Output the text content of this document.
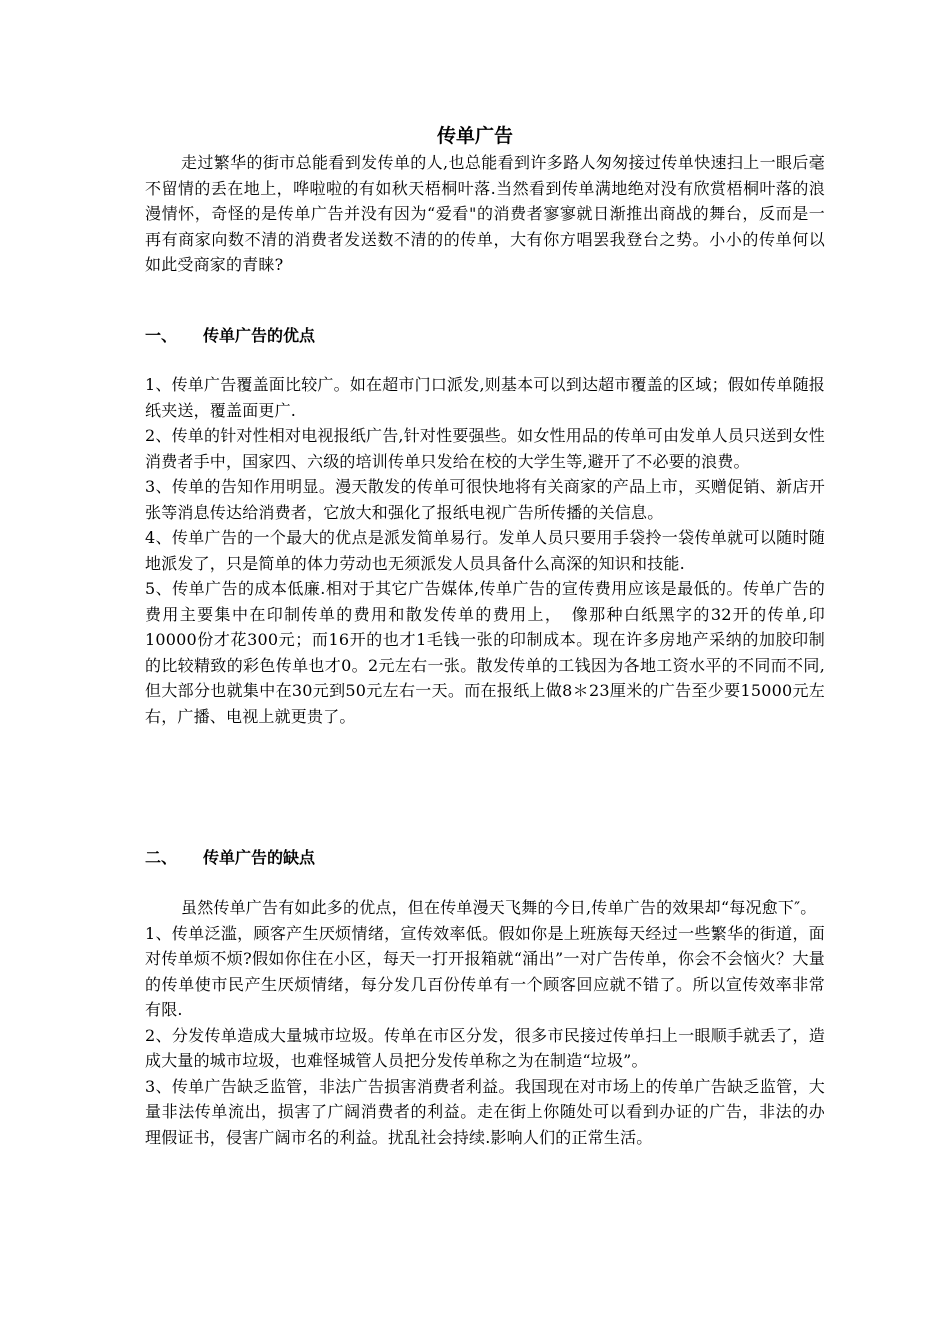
传单广告

走过繁华的街市总能看到发传单的人,也总能看到许多路人匆匆接过传单快速扫上一眼后毫不留情的丢在地上，哗啦啦的有如秋天梧桐叶落.当然看到传单满地绝对没有欣赏梧桐叶落的浪漫情怀，奇怪的是传单广告并没有因为“爱看"的消费者寥寥就日渐推出商战的舞台，反而是一再有商家向数不清的消费者发送数不清的的传单，大有你方唱罢我登台之势。小小的传单何以如此受商家的青睐?

一、 传单广告的优点

1、传单广告覆盖面比较广。如在超市门口派发,则基本可以到达超市覆盖的区域；假如传单随报纸夹送，覆盖面更广.

2、传单的针对性相对电视报纸广告,针对性要强些。如女性用品的传单可由发单人员只送到女性消费者手中，国家四、六级的培训传单只发给在校的大学生等,避开了不必要的浪费。

3、传单的告知作用明显。漫天散发的传单可很快地将有关商家的产品上市，买赠促销、新店开张等消息传达给消费者，它放大和强化了报纸电视广告所传播的关信息。

4、传单广告的一个最大的优点是派发简单易行。发单人员只要用手袋拎一袋传单就可以随时随地派发了，只是简单的体力劳动也无须派发人员具备什么高深的知识和技能.

5、传单广告的成本低廉.相对于其它广告媒体,传单广告的宣传费用应该是最低的。传单广告的费用主要集中在印制传单的费用和散发传单的费用上，　像那种白纸黑字的32开的传单,印10000份才花300元；而16开的也才1毛钱一张的印制成本。现在许多房地产采纳的加胶印制的比较精致的彩色传单也才0。2元左右一张。散发传单的工钱因为各地工资水平的不同而不同,但大部分也就集中在30元到50元左右一天。而在报纸上做8＊23厘米的广告至少要15000元左右，广播、电视上就更贵了。

二、 传单广告的缺点

虽然传单广告有如此多的优点，但在传单漫天飞舞的今日,传单广告的效果却“每况愈下″。

1、传单泛滥，顾客产生厌烦情绪，宣传效率低。假如你是上班族每天经过一些繁华的街道，面对传单烦不烦?假如你住在小区，每天一打开报箱就“涌出”一对广告传单，你会不会恼火？大量的传单使市民产生厌烦情绪，每分发几百份传单有一个顾客回应就不错了。所以宣传效率非常有限.

2、分发传单造成大量城市垃圾。传单在市区分发，很多市民接过传单扫上一眼顺手就丢了，造成大量的城市垃圾，也难怪城管人员把分发传单称之为在制造“垃圾”。

3、传单广告缺乏监管，非法广告损害消费者利益。我国现在对市场上的传单广告缺乏监管，大量非法传单流出，损害了广阔消费者的利益。走在街上你随处可以看到办证的广告，非法的办理假证书，侵害广阔市名的利益。扰乱社会持续.影响人们的正常生活。
